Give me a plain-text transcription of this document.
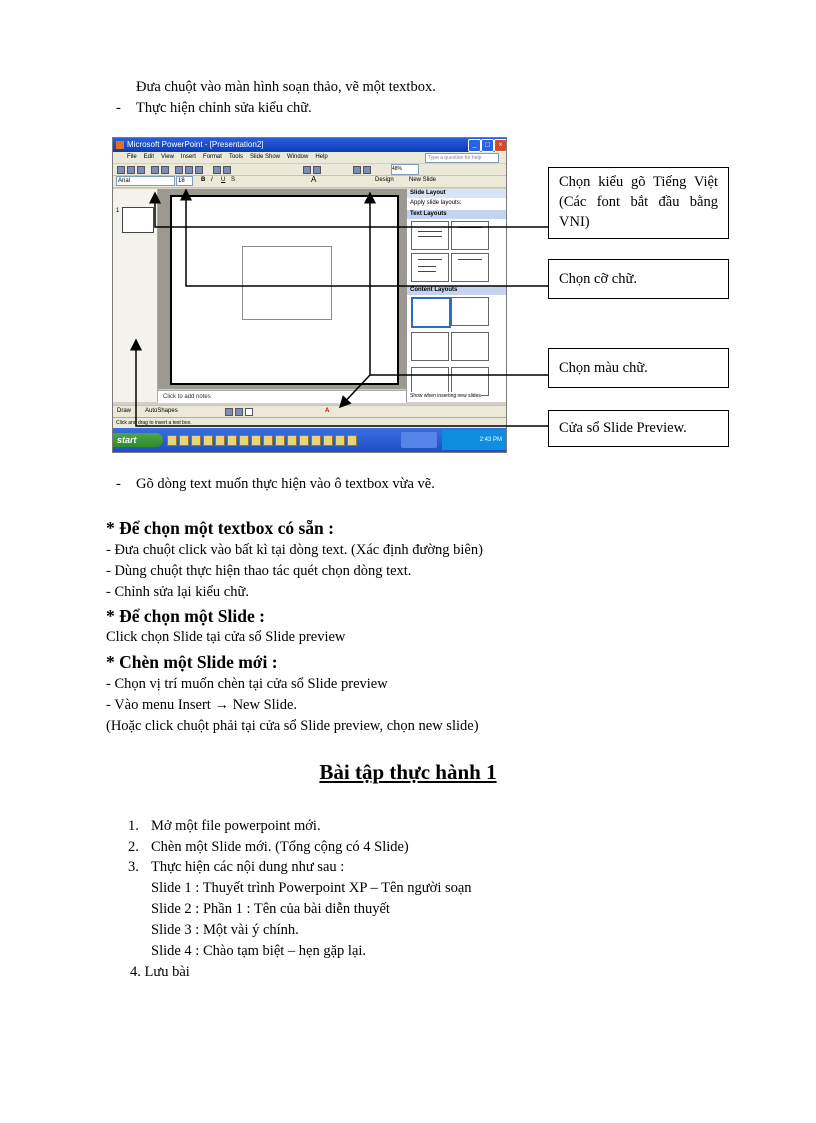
Đưa chuột vào màn hình soạn thảo, vẽ một textbox.
- Thực hiện chỉnh sửa kiểu chữ.
Microsoft PowerPoint - [Presentation2]	_	□	×
File Edit View Insert Format Tools Slide Show Window Help	Type a question for help
48%
Arial	18	B I U S	A	Design	New Slide
1
Click to add notes
Slide Layout
Apply slide layouts:
Text Layouts
Content Layouts
Show when inserting new slides
Draw AutoShapes	A
Click and drag to insert a text box.
start	2:43 PM
Chọn kiểu gõ Tiếng Việt (Các font bắt đầu bằng VNI)
Chọn cỡ chữ.
Chọn màu chữ.
Cửa sổ Slide Preview.
- Gõ dòng text muốn thực hiện vào ô textbox vừa vẽ.
* Để chọn một textbox có sẵn :
- Đưa chuột click vào bất kì tại dòng text. (Xác định đường biên)
- Dùng chuột thực hiện thao tác quét chọn dòng text.
- Chỉnh sửa lại kiểu chữ.
* Để chọn một Slide :
Click chọn Slide tại cửa sổ Slide preview
* Chèn một Slide mới :
- Chọn vị trí muốn chèn tại cửa sổ Slide preview
- Vào menu Insert → New Slide.
(Hoặc click chuột phải tại cửa sổ Slide preview, chọn new slide)
Bài tập thực hành 1
1. Mở một file powerpoint mới.
2. Chèn một Slide mới. (Tổng cộng có 4 Slide)
3. Thực hiện các nội dung như sau :
Slide 1 : Thuyết trình Powerpoint XP – Tên người soạn
Slide 2 : Phần 1 : Tên của bài diễn thuyết
Slide 3 : Một vài ý chính.
Slide 4 : Chào tạm biệt – hẹn gặp lại.
4. Lưu bài
